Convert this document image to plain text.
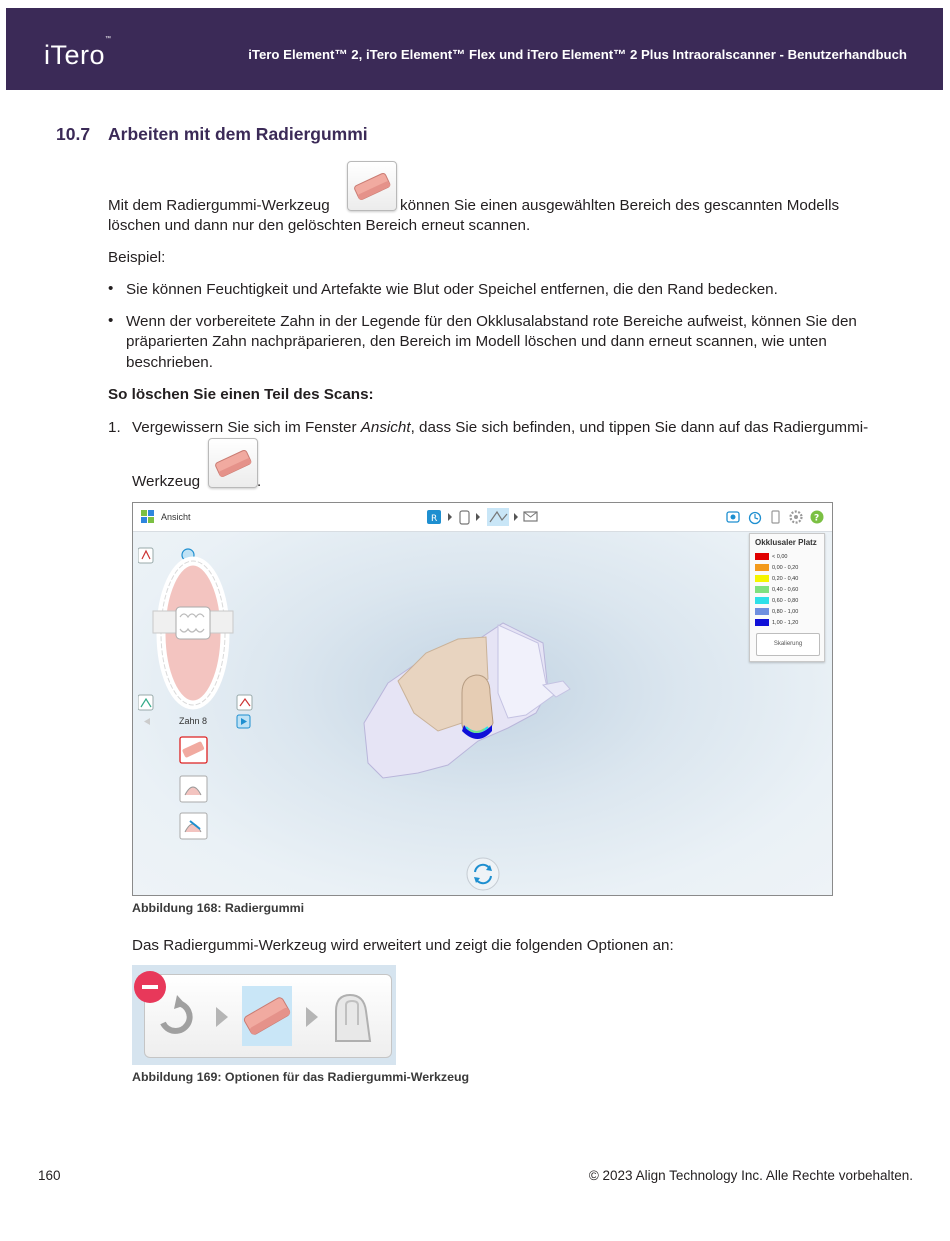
iTero™
iTero Element™ 2, iTero Element™ Flex und iTero Element™ 2 Plus Intraoralscanner - Benutzerhandbuch
10.7 Arbeiten mit dem Radiergummi
Mit dem Radiergummi-Werkzeug	können Sie einen ausgewählten Bereich des gescannten Modells
löschen und dann nur den gelöschten Bereich erneut scannen.
Beispiel:
• Sie können Feuchtigkeit und Artefakte wie Blut oder Speichel entfernen, die den Rand bedecken.
• Wenn der vorbereitete Zahn in der Legende für den Okklusalabstand rote Bereiche aufweist, können Sie den
präparierten Zahn nachpräparieren, den Bereich im Modell löschen und dann erneut scannen, wie unten
beschrieben.
So löschen Sie einen Teil des Scans:
1. Vergewissern Sie sich im Fenster Ansicht, dass Sie sich befinden, und tippen Sie dann auf das Radiergummi-
Werkzeug	.
Ansicht	R	?
Zahn 8
Okklusaler Platz
< 0,00
0,00 - 0,20
0,20 - 0,40
0,40 - 0,60
0,60 - 0,80
0,80 - 1,00
1,00 - 1,20
Skalierung
Abbildung 168: Radiergummi
Das Radiergummi-Werkzeug wird erweitert und zeigt die folgenden Optionen an:
Abbildung 169: Optionen für das Radiergummi-Werkzeug
160	© 2023 Align Technology Inc. Alle Rechte vorbehalten.
